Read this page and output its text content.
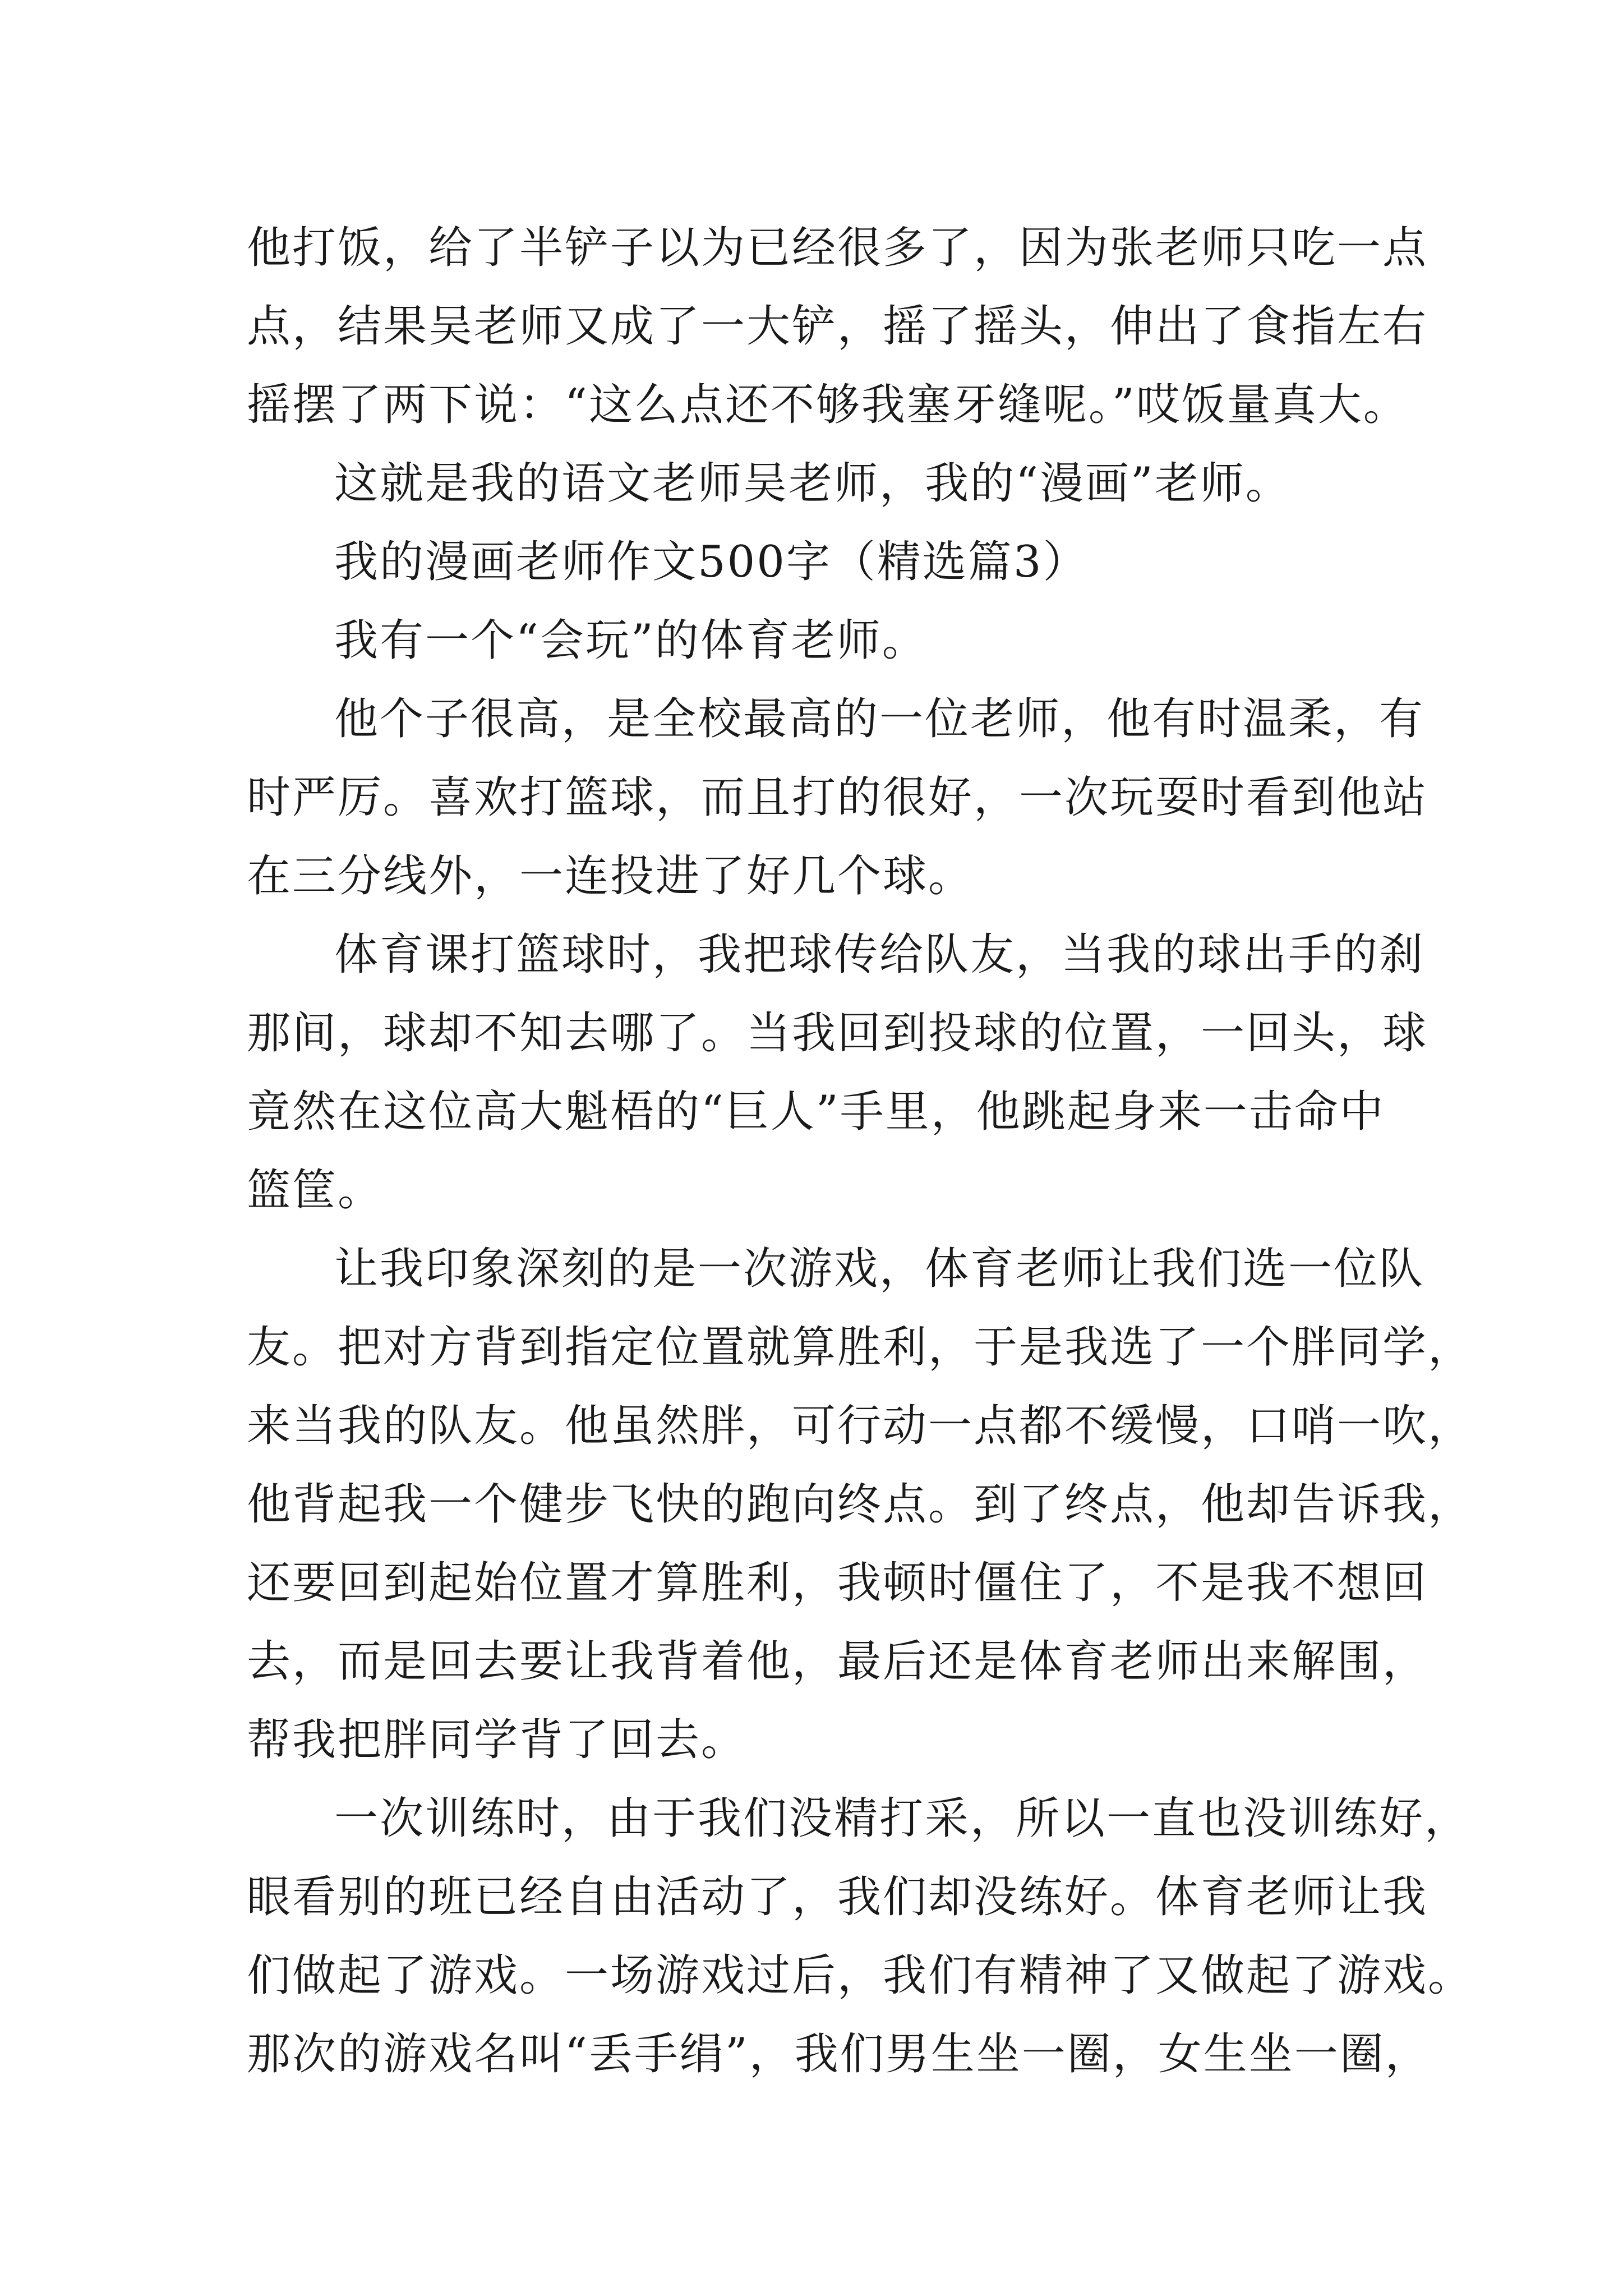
他打饭，给了半铲子以为已经很多了，因为张老师只吃一点
点，结果吴老师又成了一大铲，摇了摇头，伸出了食指左右
摇摆了两下说：“这么点还不够我塞牙缝呢。”哎饭量真大。
这就是我的语文老师吴老师，我的“漫画”老师。
我的漫画老师作文500字（精选篇3）
我有一个“会玩”的体育老师。
他个子很高，是全校最高的一位老师，他有时温柔，有
时严厉。喜欢打篮球，而且打的很好，一次玩耍时看到他站
在三分线外，一连投进了好几个球。
体育课打篮球时，我把球传给队友，当我的球出手的刹
那间，球却不知去哪了。当我回到投球的位置，一回头，球
竟然在这位高大魁梧的“巨人”手里，他跳起身来一击命中
篮筐。
让我印象深刻的是一次游戏，体育老师让我们选一位队
友。把对方背到指定位置就算胜利，于是我选了一个胖同学，
来当我的队友。他虽然胖，可行动一点都不缓慢，口哨一吹，
他背起我一个健步飞快的跑向终点。到了终点，他却告诉我，
还要回到起始位置才算胜利，我顿时僵住了，不是我不想回
去，而是回去要让我背着他，最后还是体育老师出来解围，
帮我把胖同学背了回去。
一次训练时，由于我们没精打采，所以一直也没训练好，
眼看别的班已经自由活动了，我们却没练好。体育老师让我
们做起了游戏。一场游戏过后，我们有精神了又做起了游戏。
那次的游戏名叫“丢手绢”，我们男生坐一圈，女生坐一圈，
